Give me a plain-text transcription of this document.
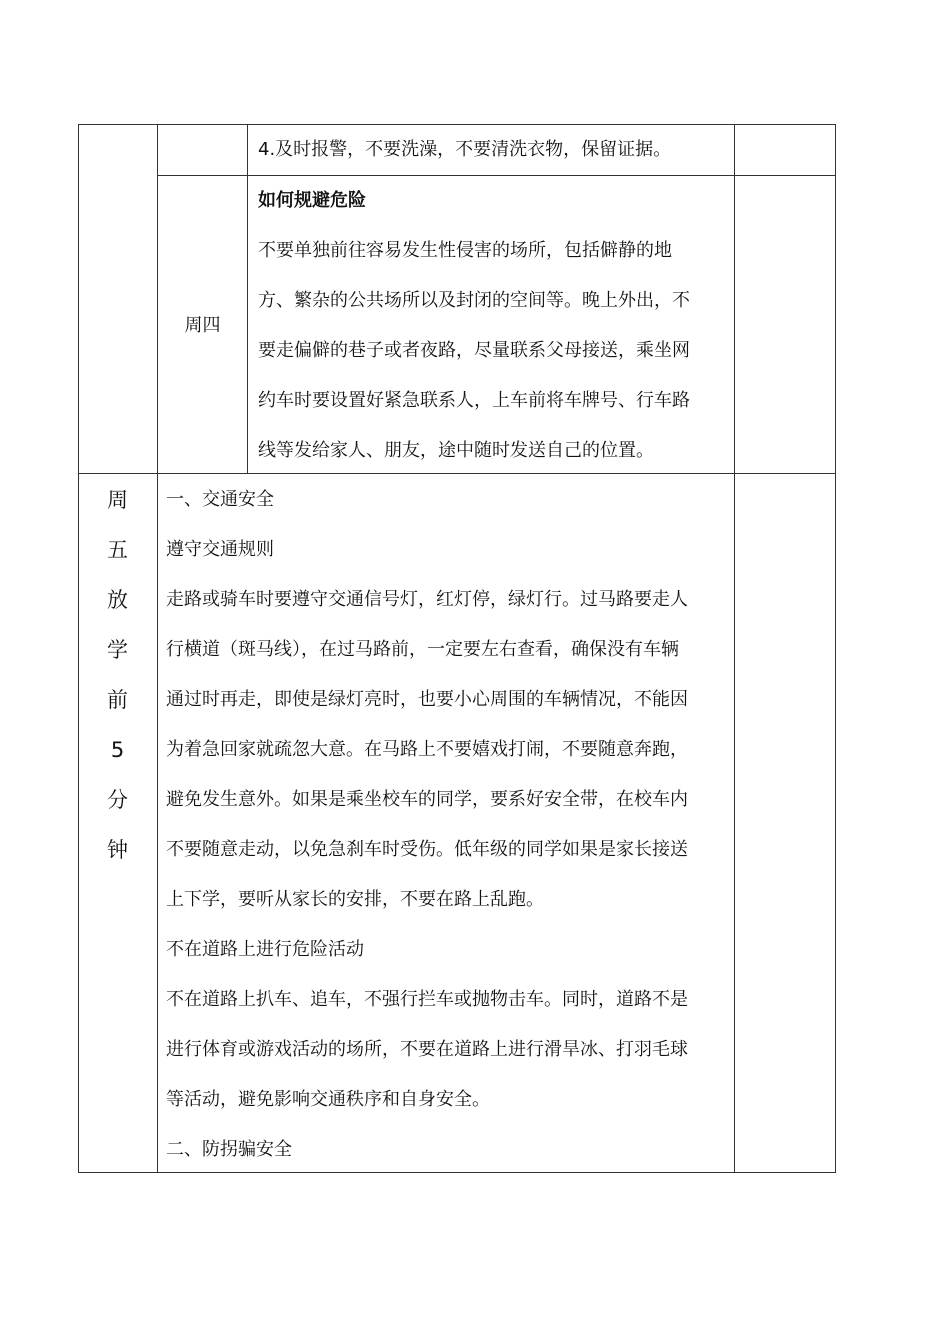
4.及时报警，不要洗澡，不要清洗衣物，保留证据。
周四
如何规避危险
不要单独前往容易发生性侵害的场所，包括僻静的地
方、繁杂的公共场所以及封闭的空间等。晚上外出，不
要走偏僻的巷子或者夜路，尽量联系父母接送，乘坐网
约车时要设置好紧急联系人，上车前将车牌号、行车路
线等发给家人、朋友，途中随时发送自己的位置。
周
五
放
学
前
5
分
钟
一、交通安全
遵守交通规则
走路或骑车时要遵守交通信号灯，红灯停，绿灯行。过马路要走人
行横道（斑马线），在过马路前，一定要左右查看，确保没有车辆
通过时再走，即使是绿灯亮时，也要小心周围的车辆情况，不能因
为着急回家就疏忽大意。在马路上不要嬉戏打闹，不要随意奔跑，
避免发生意外。如果是乘坐校车的同学，要系好安全带，在校车内
不要随意走动，以免急刹车时受伤。低年级的同学如果是家长接送
上下学，要听从家长的安排，不要在路上乱跑。
不在道路上进行危险活动
不在道路上扒车、追车，不强行拦车或抛物击车。同时，道路不是
进行体育或游戏活动的场所，不要在道路上进行滑旱冰、打羽毛球
等活动，避免影响交通秩序和自身安全。
二、防拐骗安全
